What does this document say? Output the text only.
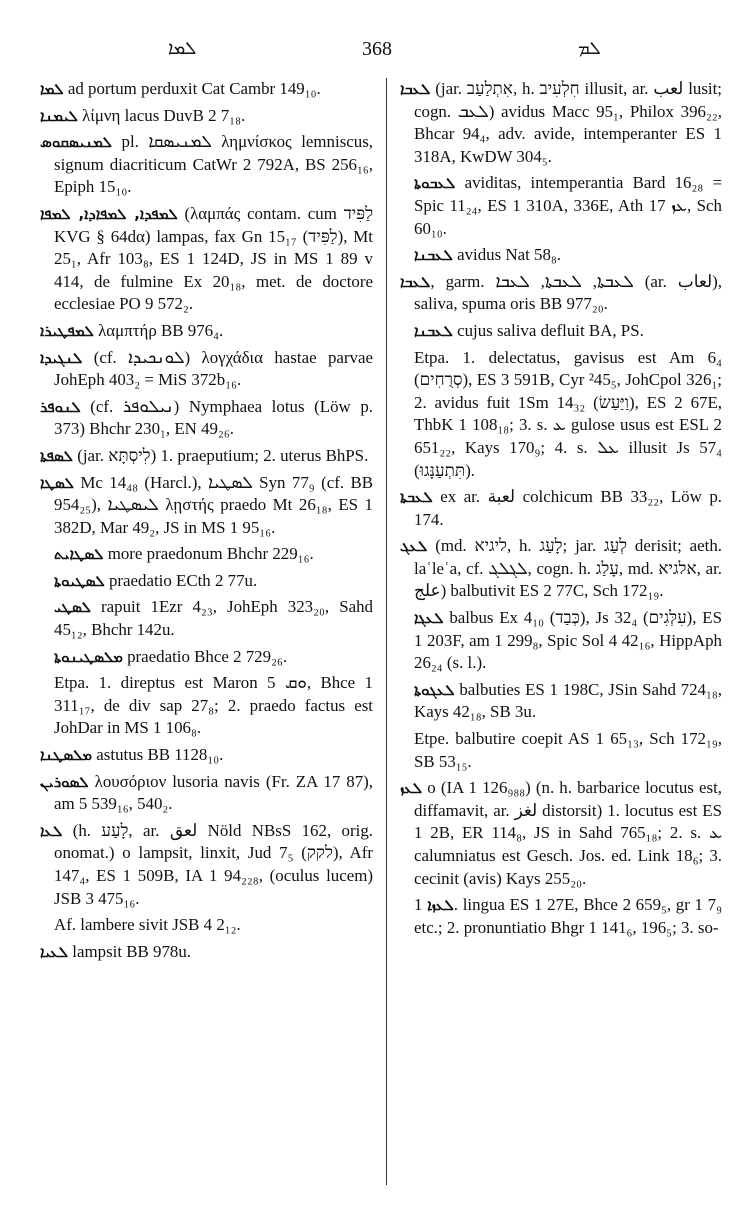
ܠܡܐ	368	ܠܡ
ܠܡܐ ad portum perduxit Cat Cambr 149₁₀.
ܠܝܡܢܐ λίμνη lacus DuvB 2 7₁₈.
ܠܡܢܝܣܩܘܣ pl. ܠܡܢܝܣܩܐ λημνίσκος lemniscus, signum diacriticum CatWr 2 792A, BS 256₁₆, Epiph 15₁₀.
ܠܡܦܕܐ, ܠܡܦܐܕܐ, ܠܡܦܐ (λαμπάς contam. cum לַפִּיד KVG § 64dα) lampas, fax Gn 15₁₇ (לַפִּיד), Mt 25₁, Afr 103₈, ES 1 124D, JS in MS 1 89 v 414, de fulmine Ex 20₁₈, met. de doctore ecclesiae PO 9 572₂.
ܠܡܦܛܝܪܐ λαμπτήρ BB 976₄.
ܠܢܓܝܕܐ (cf. ܠܘܢܟܝܕܐ) λογχάδια hastae parvae JohEph 403₂ = MiS 372b₁₆.
ܠܢܘܦܪ (cf. ܢܝܠܘܦܪ) Nymphaea lotus (Löw p. 373) Bhchr 230₁, EN 49₂₆.
ܠܣܦܬܐ (jar. לִיסְתָּא) 1. praeputium; 2. uterus BhPS.
ܠܣܛܐ Mc 14₄₈ (Harcl.), ܠܣܛܝܐ Syn 77₉ (cf. BB 954₂₅), ܠܝܣܛܝܐ λῃστής praedo Mt 26₁₈, ES 1 382D, Mar 49₂, JS in MS 1 95₁₆.
ܠܣܛܐܝܬ more praedonum Bhchr 229₁₆.
ܠܣܛܝܘܬܐ praedatio ECth 2 77u.
ܠܣܛܝ rapuit 1Ezr 4₂₃, JohEph 323₂₀, Sahd 45₁₂, Bhchr 142u.
ܡܠܣܛܝܢܘܬܐ praedatio Bhce 2 729₂₆.
Etpa. 1. direptus est Maron ܘܩ 5, Bhce 1 311₁₇, de div sap 27₈; 2. praedo factus est JohDar in MS 1 106₈.
ܡܠܣܛܢܐ astutus BB 1128₁₀.
ܠܣܘܪܝܢ λουσόριον lusoria navis (Fr. ZA 17 87), am 5 539₁₆, 540₂.
ܠܥܐ (h. לָעַע, ar. لعق Nöld NBsS 162, orig. onomat.) o lampsit, linxit, Jud 7₅ (לקק), Afr 147₄, ES 1 509B, IA 1 94₂₂₈, (oculus lucem) JSB 3 475₁₆.
Af. lambere sivit JSB 4 2₁₂.
ܠܥܝܐ lampsit BB 978u.
ܠܥܒܐ (jar. אִתְלַעַב, h. חִלְעִיב illusit, ar. لعب lusit; cogn. ܠܥܒ) avidus Macc 95₁, Philox 396₂₂, Bhcar 94₄, adv. avide, intemperanter ES 1 318A, KwDW 304₅.
ܠܥܒܘܬܐ aviditas, intemperantia Bard 16₂₈ = Spic 11₂₄, ES 1 310A, 336E, Ath ܥܙ 17, Sch 60₁₀.
ܠܥܒܢܐ avidus Nat 58₈.
ܠܥܒܐ, garm. ܠܥܒܬܐ, ܠܥܒܬܐ, ܠܥܒܐ (ar. لعاب), saliva, spuma oris BB 977₂₀.
ܠܥܒܢܐ cujus saliva defluit BA, PS.
Etpa. 1. delectatus, gavisus est Am 6₄ (סְרֻחִים), ES 3 591B, Cyr ²45₅, JohCpol 326₁; 2. avidus fuit 1Sm 14₃₂ (וַיַּעַשׂ), ES 2 67E, ThbK 1 108₁₈; 3. s. ܥ gulose usus est ESL 2 651₂₂, Kays 170₉; 4. s. ܥܠ illusit Js 57₄ (תִּתְעַנָּגוּ).
ܠܥܒܬܐ ex ar. لعبة colchicum BB 33₂₂, Löw p. 174.
ܠܥܓ (md. ליגיא, h. לָעַג; jar. לְעַג derisit; aeth. laʿleʿa, cf. ܠܓܠܓ, cogn. h. עָלַג, md. אלגיא, ar. علج) balbutivit ES 2 77C, Sch 172₁₉.
ܠܥܓܐ balbus Ex 4₁₀ (כְּבַד), Js 32₄ (עִלְּגִים), ES 1 203F, am 1 299₈, Spic Sol 4 42₁₆, HippAph 26₂₄ (s. l.).
ܠܥܓܘܬܐ balbuties ES 1 198C, JSin Sahd 724₁₈, Kays 42₁₈, SB 3u.
Etpe. balbutire coepit AS 1 65₁₃, Sch 172₁₉, SB 53₁₅.
ܠܥܙ o (IA 1 126₉₈₈) (n. h. barbarice locutus est, diffamavit, ar. لغز distorsit) 1. locutus est ES 1 2B, ER 114₈, JS in Sahd 765₁₈; 2. s. ܥ calumniatus est Gesch. Jos. ed. Link 18₆; 3. cecinit (avis) Kays 255₂₀.
ܠܥܙܐ 1. lingua ES 1 27E, Bhce 2 659₅, gr 1 7₉ etc.; 2. pronuntiatio Bhgr 1 141₆, 196₅; 3. so-
